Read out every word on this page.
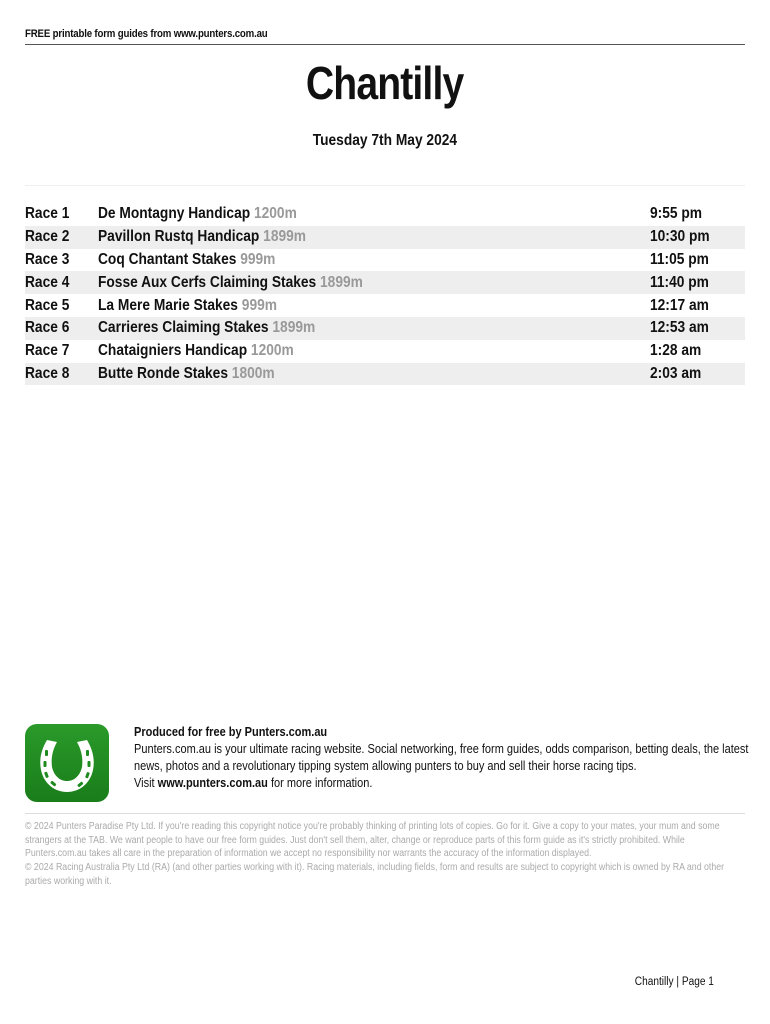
FREE printable form guides from www.punters.com.au
Chantilly
Tuesday 7th May 2024
Race 1	De Montagny Handicap 1200m	9:55 pm
Race 2	Pavillon Rustq Handicap 1899m	10:30 pm
Race 3	Coq Chantant Stakes 999m	11:05 pm
Race 4	Fosse Aux Cerfs Claiming Stakes 1899m	11:40 pm
Race 5	La Mere Marie Stakes 999m	12:17 am
Race 6	Carrieres Claiming Stakes 1899m	12:53 am
Race 7	Chataigniers Handicap 1200m	1:28 am
Race 8	Butte Ronde Stakes 1800m	2:03 am
Produced for free by Punters.com.au
Punters.com.au is your ultimate racing website. Social networking, free form guides, odds comparison, betting deals, the latest news, photos and a revolutionary tipping system allowing punters to buy and sell their horse racing tips.
Visit www.punters.com.au for more information.
© 2024 Punters Paradise Pty Ltd. If you're reading this copyright notice you're probably thinking of printing lots of copies. Go for it. Give a copy to your mates, your mum and some strangers at the TAB. We want people to have our free form guides. Just don't sell them, alter, change or reproduce parts of this form guide as it's strictly prohibited. While Punters.com.au takes all care in the preparation of information we accept no responsibility nor warrants the accuracy of the information displayed.
© 2024 Racing Australia Pty Ltd (RA) (and other parties working with it). Racing materials, including fields, form and results are subject to copyright which is owned by RA and other parties working with it.
Chantilly | Page 1
